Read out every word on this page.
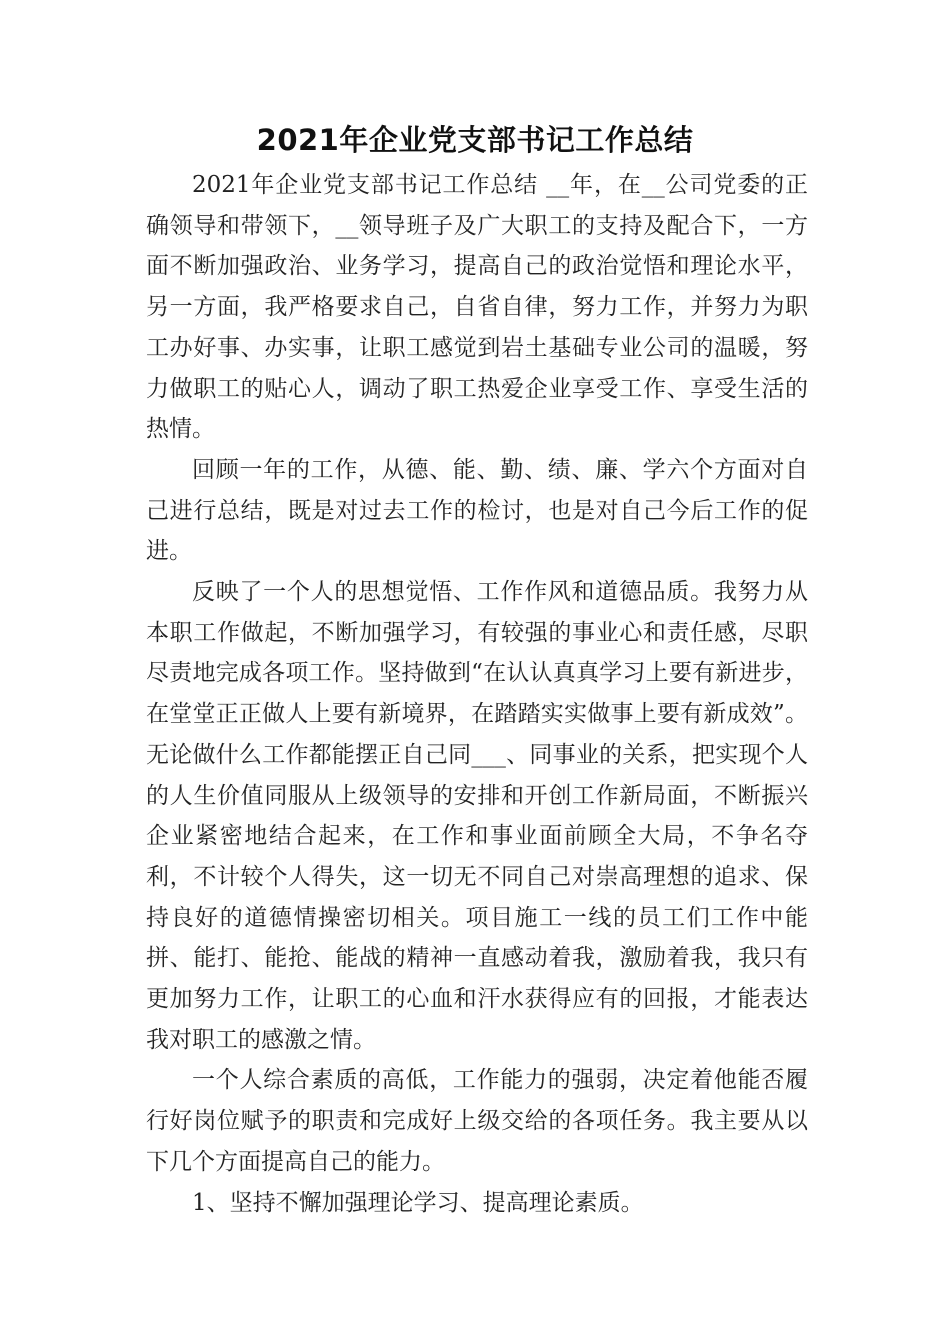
2021年企业党支部书记工作总结

2021年企业党支部书记工作总结 __年，在__公司党委的正确领导和带领下，__领导班子及广大职工的支持及配合下，一方面不断加强政治、业务学习，提高自己的政治觉悟和理论水平，另一方面，我严格要求自己，自省自律，努力工作，并努力为职工办好事、办实事，让职工感觉到岩土基础专业公司的温暖，努力做职工的贴心人，调动了职工热爱企业享受工作、享受生活的热情。

回顾一年的工作，从德、能、勤、绩、廉、学六个方面对自己进行总结，既是对过去工作的检讨，也是对自己今后工作的促进。

反映了一个人的思想觉悟、工作作风和道德品质。我努力从本职工作做起，不断加强学习，有较强的事业心和责任感，尽职尽责地完成各项工作。坚持做到“在认认真真学习上要有新进步，在堂堂正正做人上要有新境界，在踏踏实实做事上要有新成效”。无论做什么工作都能摆正自己同___、同事业的关系，把实现个人的人生价值同服从上级领导的安排和开创工作新局面，不断振兴企业紧密地结合起来，在工作和事业面前顾全大局，不争名夺利，不计较个人得失，这一切无不同自己对崇高理想的追求、保持良好的道德情操密切相关。项目施工一线的员工们工作中能拼、能打、能抢、能战的精神一直感动着我，激励着我，我只有更加努力工作，让职工的心血和汗水获得应有的回报，才能表达我对职工的感激之情。

一个人综合素质的高低，工作能力的强弱，决定着他能否履行好岗位赋予的职责和完成好上级交给的各项任务。我主要从以下几个方面提高自己的能力。

1、坚持不懈加强理论学习、提高理论素质。
